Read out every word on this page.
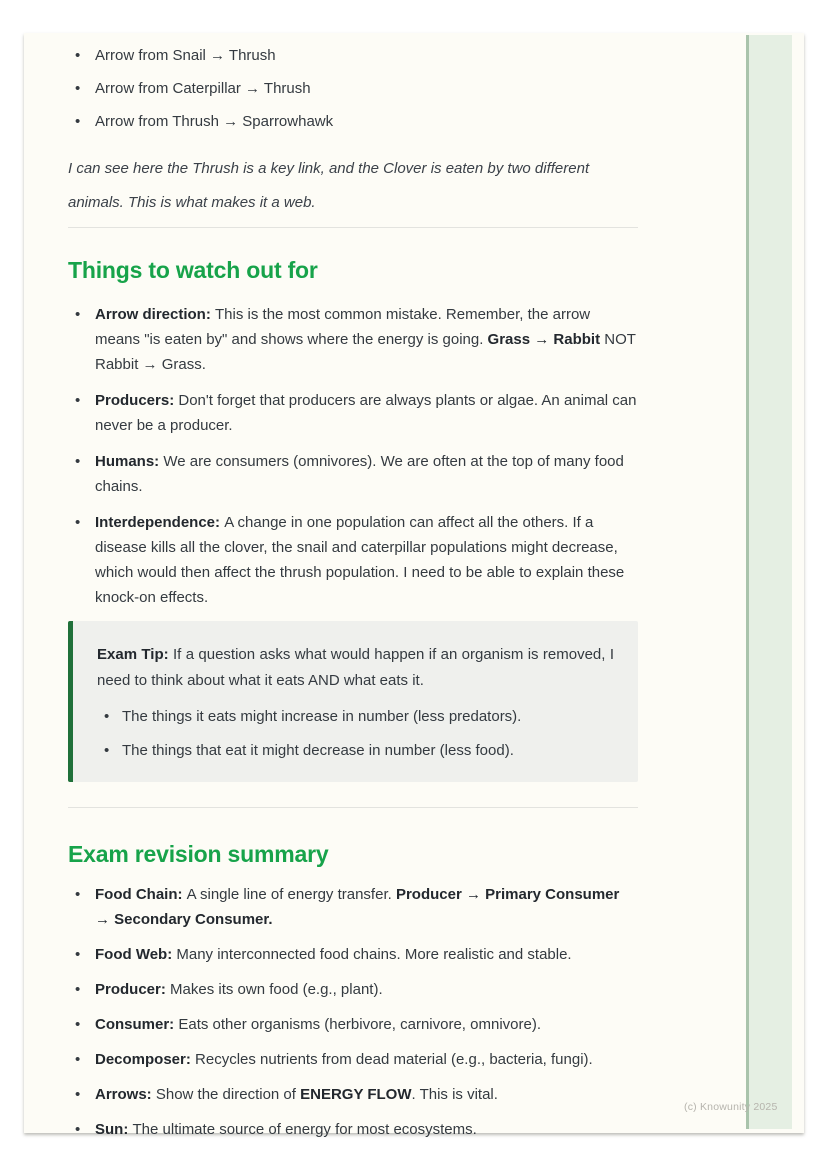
• Arrow from Snail → Thrush
• Arrow from Caterpillar → Thrush
• Arrow from Thrush → Sparrowhawk

I can see here the Thrush is a key link, and the Clover is eaten by two different animals. This is what makes it a web.

Things to watch out for
• Arrow direction: This is the most common mistake. Remember, the arrow means "is eaten by" and shows where the energy is going. Grass → Rabbit NOT Rabbit → Grass.
• Producers: Don't forget that producers are always plants or algae. An animal can never be a producer.
• Humans: We are consumers (omnivores). We are often at the top of many food chains.
• Interdependence: A change in one population can affect all the others. If a disease kills all the clover, the snail and caterpillar populations might decrease, which would then affect the thrush population. I need to be able to explain these knock-on effects.

Exam Tip: If a question asks what would happen if an organism is removed, I need to think about what it eats AND what eats it.

• The things it eats might increase in number (less predators).
• The things that eat it might decrease in number (less food).
Exam revision summary
• Food Chain: A single line of energy transfer. Producer → Primary Consumer → Secondary Consumer.
• Food Web: Many interconnected food chains. More realistic and stable.
• Producer: Makes its own food (e.g., plant).
• Consumer: Eats other organisms (herbivore, carnivore, omnivore).
• Decomposer: Recycles nutrients from dead material (e.g., bacteria, fungi).
• Arrows: Show the direction of ENERGY FLOW. This is vital.
• Sun: The ultimate source of energy for most ecosystems.
(c) Knowunity 2025
